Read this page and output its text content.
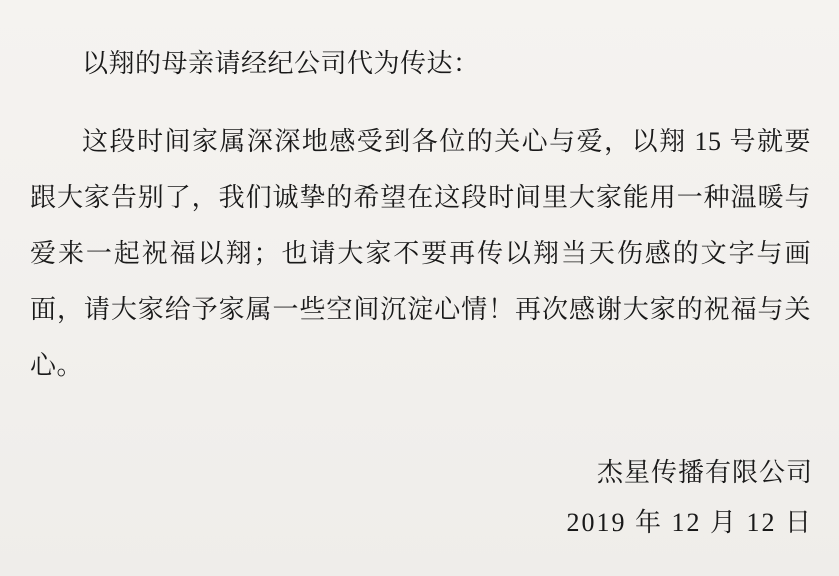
以翔的母亲请经纪公司代为传达：

这段时间家属深深地感受到各位的关心与爱，以翔 15 号就要跟大家告别了，我们诚挚的希望在这段时间里大家能用一种温暖与爱来一起祝福以翔；也请大家不要再传以翔当天伤感的文字与画面，请大家给予家属一些空间沉淀心情！再次感谢大家的祝福与关心。

杰星传播有限公司
2019 年 12 月 12 日
